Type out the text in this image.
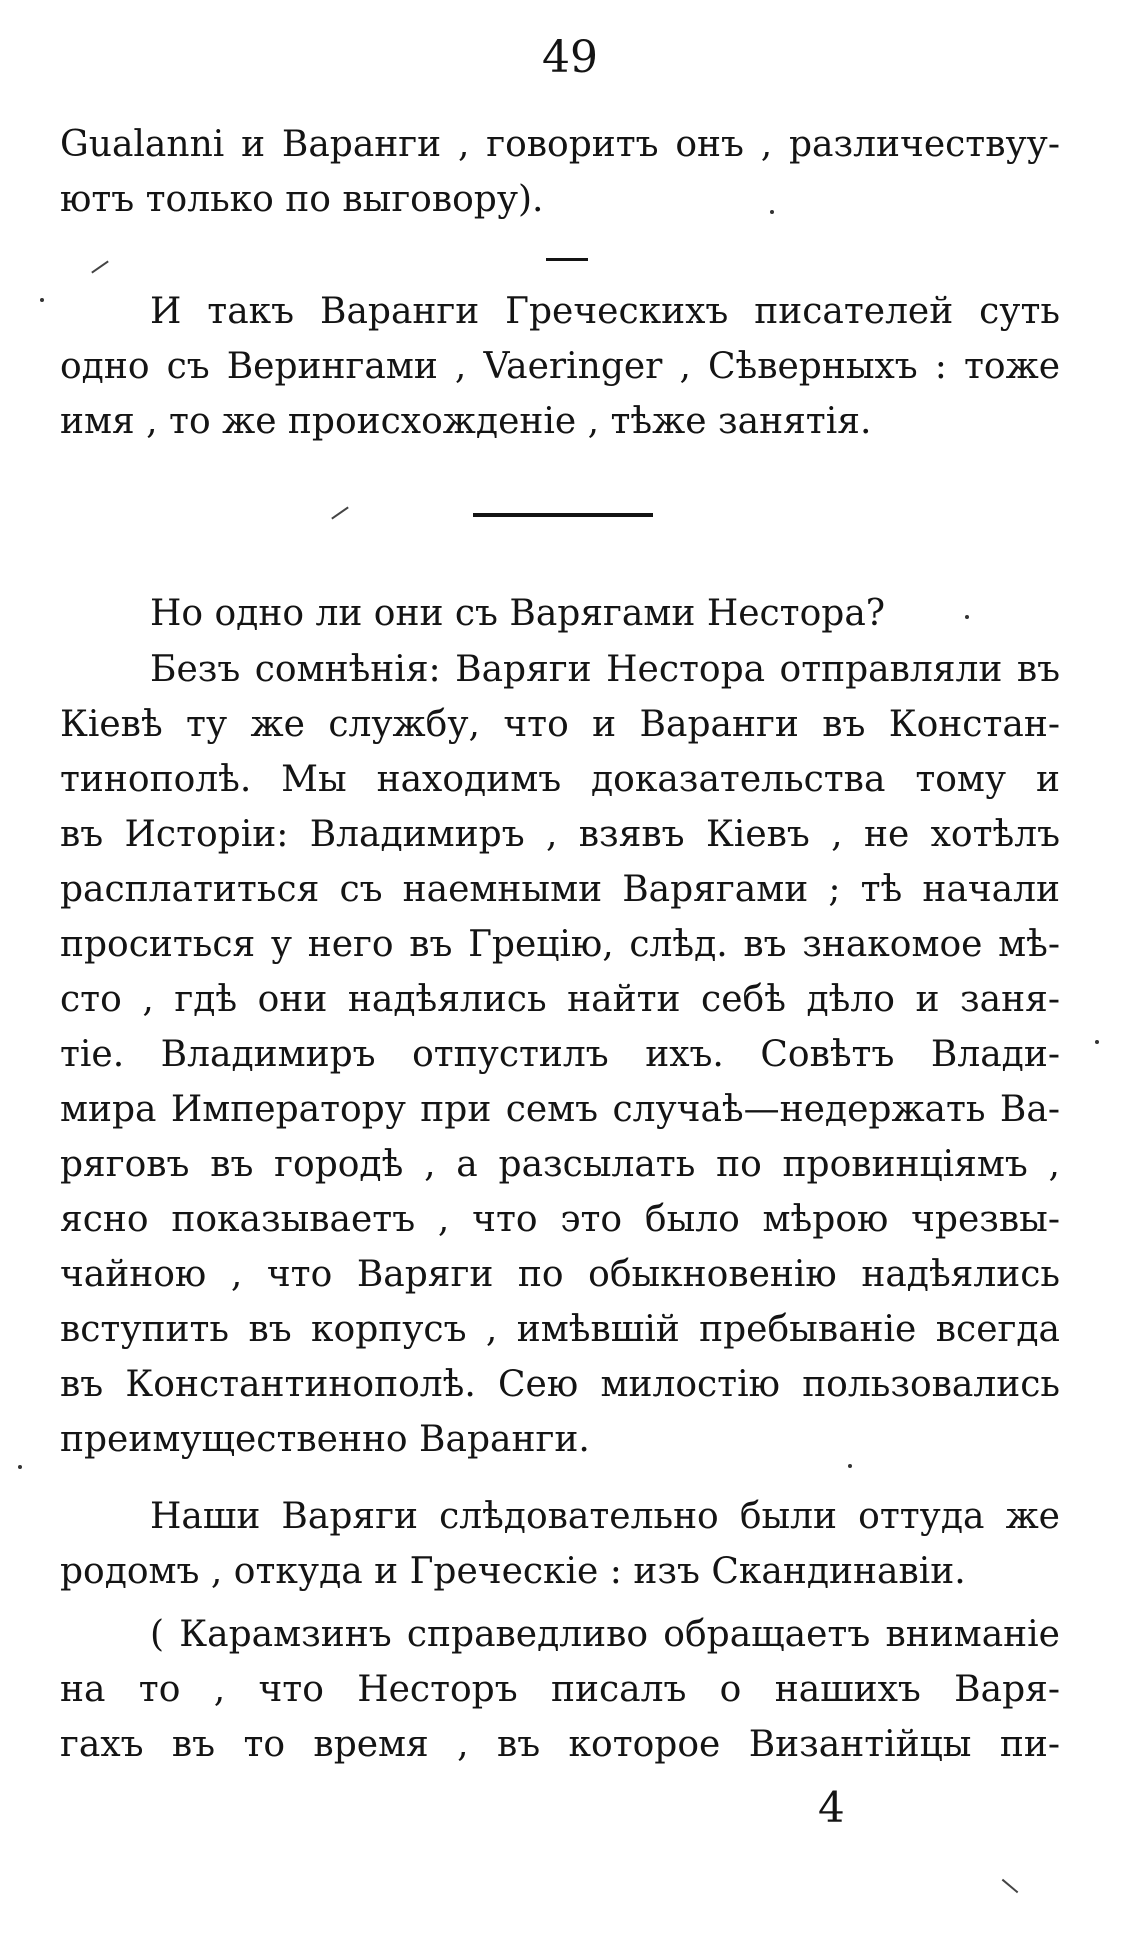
49
Gualanni и Варанги , говоритъ онъ , различествуу-
ютъ только по выговору).
И такъ Варанги Греческихъ писателей суть
одно съ Верингами , Vaeringer , Сѣверныхъ : тоже
имя , то же происхожденіе , тѣже занятія.
Но одно ли они съ Варягами Нестора?
Безъ сомнѣнія: Варяги Нестора отправляли въ
Кіевѣ ту же службу, что и Варанги въ Констан-
тинополѣ. Мы находимъ доказательства тому и
въ Исторіи: Владимиръ , взявъ Кіевъ , не хотѣлъ
расплатиться съ наемными Варягами ; тѣ начали
проситься у него въ Грецію, слѣд. въ знакомое мѣ-
сто , гдѣ они надѣялись найти себѣ дѣло и заня-
тіе. Владимиръ отпустилъ ихъ. Совѣтъ Влади-
мира Императору при семъ случаѣ—недержать Ва-
ряговъ въ городѣ , а разсылать по провинціямъ ,
ясно показываетъ , что это было мѣрою чрезвы-
чайною , что Варяги по обыкновенію надѣялись
вступить въ корпусъ , имѣвшій пребываніе всегда
въ Константинополѣ. Сею милостію пользовались
преимущественно Варанги.
Наши Варяги слѣдовательно были оттуда же
родомъ , откуда и Греческіе : изъ Скандинавіи.
( Карамзинъ справедливо обращаетъ вниманіе
на то , что Несторъ писалъ о нашихъ Варя-
гахъ въ то время , въ которое Византійцы пи-
4
